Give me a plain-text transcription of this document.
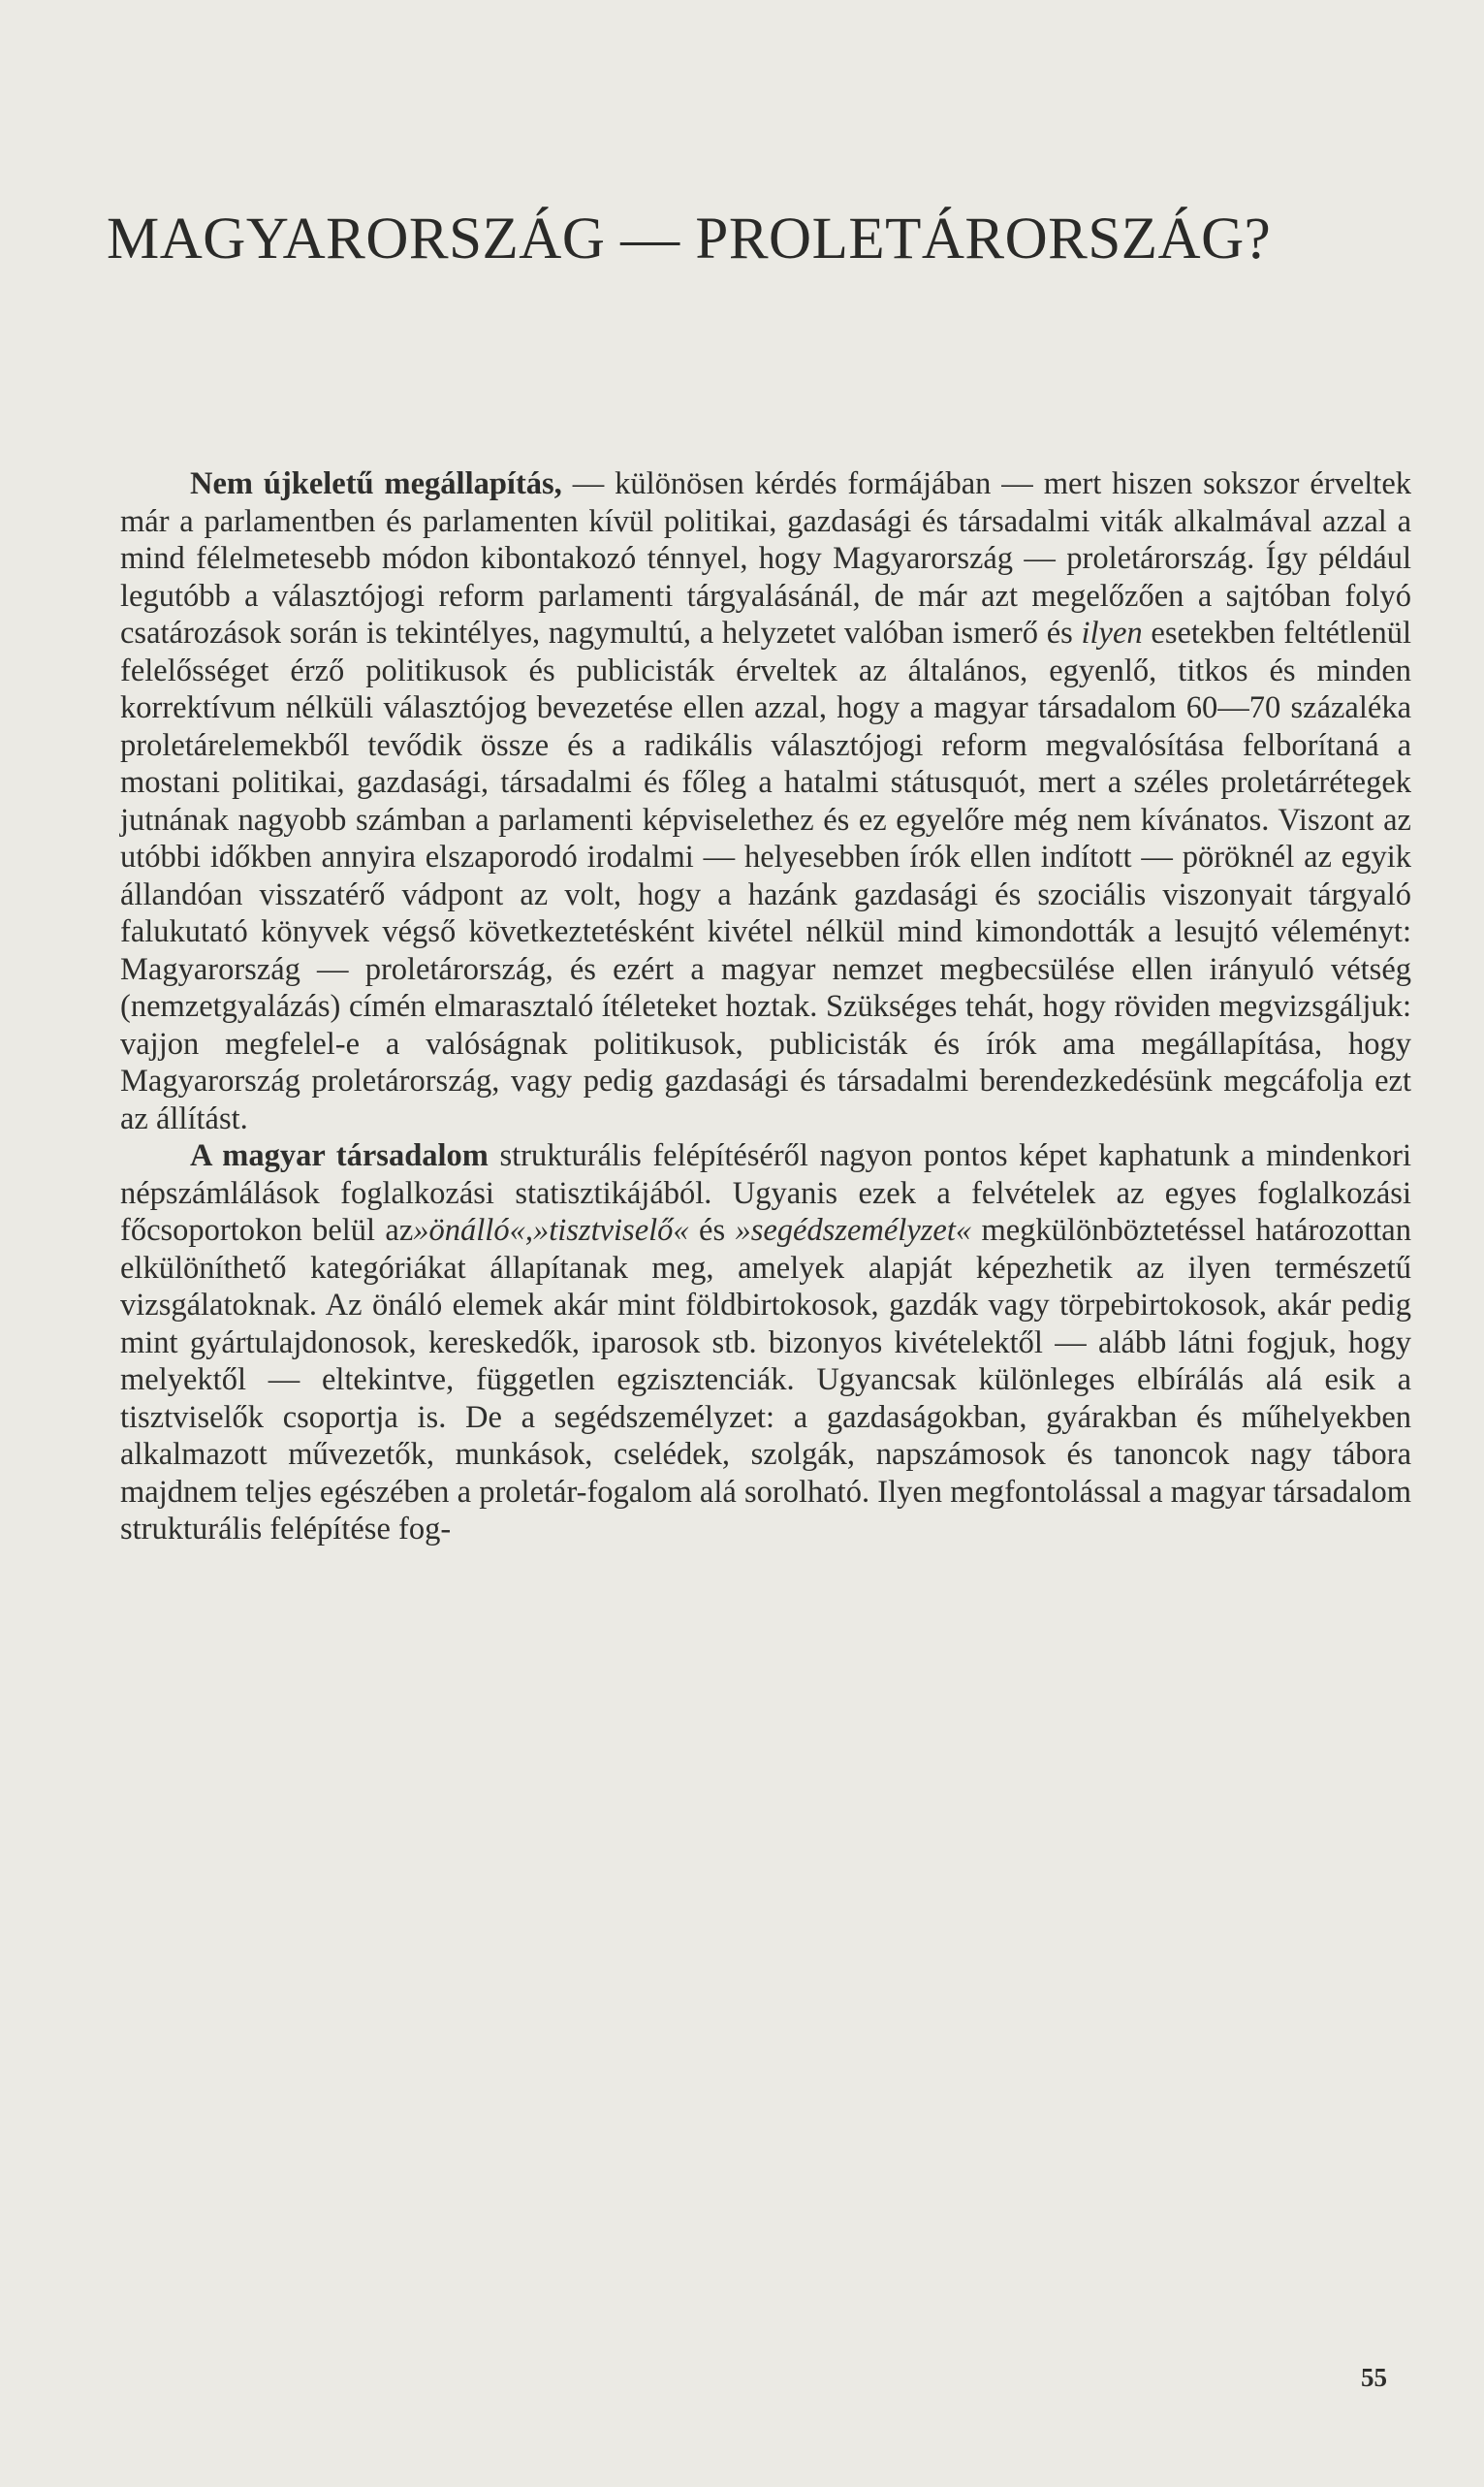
MAGYARORSZÁG — PROLETÁRORSZÁG?

Nem újkeletű megállapítás, — különösen kérdés formájában — mert hiszen sokszor érveltek már a parlamentben és parlamenten kívül politikai, gazdasági és társadalmi viták alkalmával azzal a mind félelmetesebb módon kibontakozó ténnyel, hogy Magyarország — proletárország. Így például legutóbb a választójogi reform parlamenti tárgyalásánál, de már azt megelőzően a sajtóban folyó csatározások során is tekintélyes, nagymultú, a helyzetet valóban ismerő és ilyen esetekben feltétlenül felelősséget érző politikusok és publicisták érveltek az általános, egyenlő, titkos és minden korrektívum nélküli választójog bevezetése ellen azzal, hogy a magyar társadalom 60—70 százaléka proletárelemekből tevődik össze és a radikális választójogi reform megvalósítása felborítaná a mostani politikai, gazdasági, társadalmi és főleg a hatalmi státusquót, mert a széles proletárrétegek jutnának nagyobb számban a parlamenti képviselethez és ez egyelőre még nem kívánatos. Viszont az utóbbi időkben annyira elszaporodó irodalmi — helyesebben írók ellen indított — pöröknél az egyik állandóan visszatérő vádpont az volt, hogy a hazánk gazdasági és szociális viszonyait tárgyaló falukutató könyvek végső következtetésként kivétel nélkül mind kimondották a lesujtó véleményt: Magyarország — proletárország, és ezért a magyar nemzet megbecsülése ellen irányuló vétség (nemzetgyalázás) címén elmarasztaló ítéleteket hoztak. Szükséges tehát, hogy röviden megvizsgáljuk: vajjon megfelel-e a valóságnak politikusok, publicisták és írók ama megállapítása, hogy Magyarország proletárország, vagy pedig gazdasági és társadalmi berendezkedésünk megcáfolja ezt az állítást.

A magyar társadalom strukturális felépítéséről nagyon pontos képet kaphatunk a mindenkori népszámlálások foglalkozási statisztikájából. Ugyanis ezek a felvételek az egyes foglalkozási főcsoportokon belül az»önálló«,»tisztviselő« és »segédszemélyzet« megkülönböztetéssel határozottan elkülöníthető kategóriákat állapítanak meg, amelyek alapját képezhetik az ilyen természetű vizsgálatoknak. Az önáló elemek akár mint földbirtokosok, gazdák vagy törpebirtokosok, akár pedig mint gyártulajdonosok, kereskedők, iparosok stb. bizonyos kivételektől — alább látni fogjuk, hogy melyektől — eltekintve, független egzisztenciák. Ugyancsak különleges elbírálás alá esik a tisztviselők csoportja is. De a segédszemélyzet: a gazdaságokban, gyárakban és műhelyekben alkalmazott művezetők, munkások, cselédek, szolgák, napszámosok és tanoncok nagy tábora majdnem teljes egészében a proletár-fogalom alá sorolható. Ilyen megfontolással a magyar társadalom strukturális felépítése fog-

55
